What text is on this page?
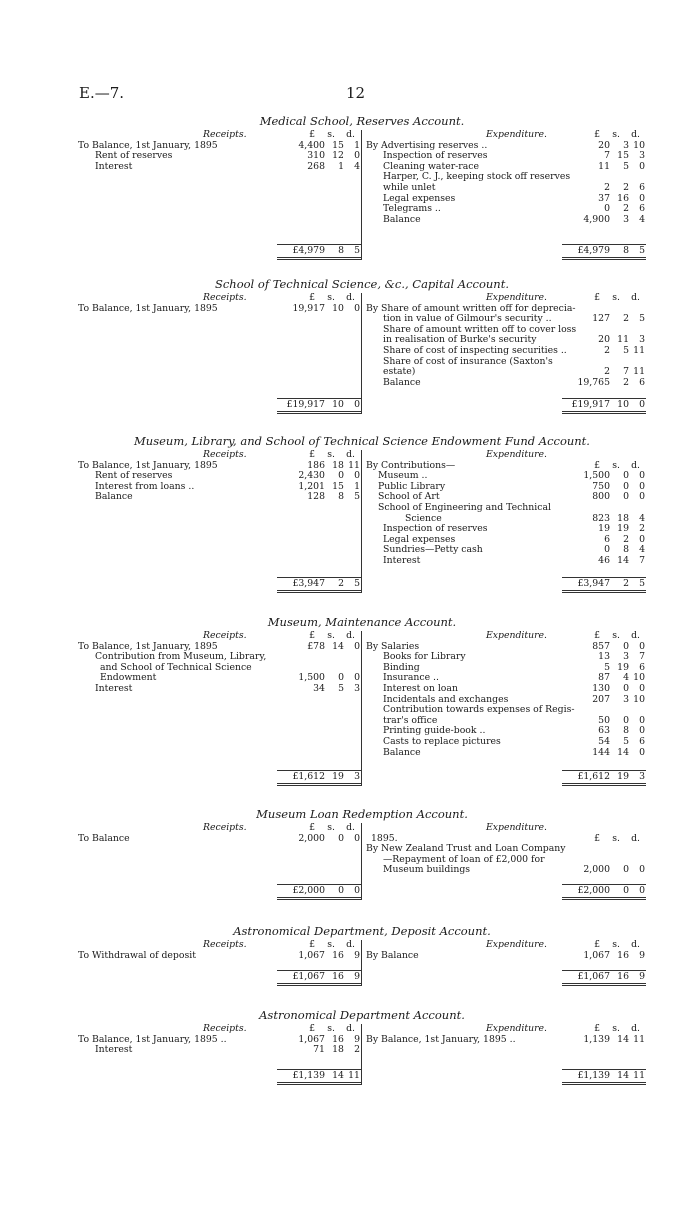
E.—7.	12
Medical School, Reserves Account.
Receipts.	£ s. d.
To Balance, 1st January, 1895	4,400 15 1
Rent of reserves	310 12 0
Interest	268 1 4
£4,979 8 5
Expenditure.	£ s. d.
By Advertising reserves ..	20 3 10
Inspection of reserves	7 15 3
Cleaning water-race	11 5 0
Harper, C. J., keeping stock off reserves
while unlet	2 2 6
Legal expenses	37 16 0
Telegrams ..	0 2 6
Balance	4,900 3 4
£4,979 8 5
School of Technical Science, &c., Capital Account.
Receipts.	£ s. d.
To Balance, 1st January, 1895	19,917 10 0
£19,917 10 0
Expenditure.	£ s. d.
By Share of amount written off for deprecia-
tion in value of Gilmour's security ..	127 2 5
Share of amount written off to cover loss
in realisation of Burke's security	20 11 3
Share of cost of inspecting securities ..	2 5 11
Share of cost of insurance (Saxton's
estate)	2 7 11
Balance	19,765 2 6
£19,917 10 0
Museum, Library, and School of Technical Science Endowment Fund Account.
Receipts.	£ s. d.
To Balance, 1st January, 1895	186 18 11
Rent of reserves	2,430 0 0
Interest from loans ..	1,201 15 1
Balance	128 8 5
£3,947 2 5
Expenditure.
£ s. d.
By Contributions—
Museum ..	1,500 0 0
Public Library	750 0 0
School of Art	800 0 0
School of Engineering and Technical
Science	823 18 4
Inspection of reserves	19 19 2
Legal expenses	6 2 0
Sundries—Petty cash	0 8 4
Interest	46 14 7
£3,947 2 5
Museum, Maintenance Account.
Receipts.	£ s. d.
To Balance, 1st January, 1895	£78 14 0
Contribution from Museum, Library,
and School of Technical Science
Endowment	1,500 0 0
Interest	34 5 3
£1,612 19 3
Expenditure.	£ s. d.
By Salaries	857 0 0
Books for Library	13 3 7
Binding	5 19 6
Insurance ..	87 4 10
Interest on loan	130 0 0
Incidentals and exchanges	207 3 10
Contribution towards expenses of Regis-
trar's office	50 0 0
Printing guide-book ..	63 8 0
Casts to replace pictures	54 5 6
Balance	144 14 0
£1,612 19 3
Museum Loan Redemption Account.
Receipts.	£ s. d.
To Balance	2,000 0 0
£2,000 0 0
Expenditure.
£ s. d.
1895.
By New Zealand Trust and Loan Company
—Repayment of loan of £2,000 for
Museum buildings	2,000 0 0
£2,000 0 0
Astronomical Department, Deposit Account.
Receipts.	£ s. d.
To Withdrawal of deposit	1,067 16 9
£1,067 16 9
Expenditure.	£ s. d.
By Balance	1,067 16 9
£1,067 16 9
Astronomical Department Account.
Receipts.	£ s. d.
To Balance, 1st January, 1895 ..	1,067 16 9
Interest	71 18 2
£1,139 14 11
Expenditure.	£ s. d.
By Balance, 1st January, 1895 ..	1,139 14 11
£1,139 14 11
